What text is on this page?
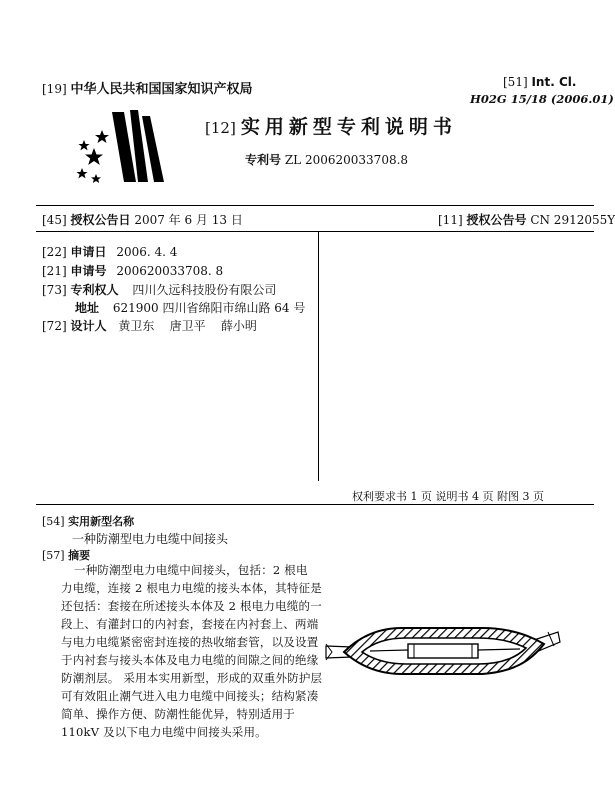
[19] 中华人民共和国国家知识产权局	[51] Int. Cl.
H02G 15/18 (2006.01)
[12] 实用新型专利说明书
专利号 ZL 200620033708.8
[45] 授权公告日 2007 年 6 月 13 日	[11] 授权公告号 CN 2912055Y
[22] 申请日 2006. 4. 4
[21] 申请号 200620033708. 8
[73] 专利权人 四川久远科技股份有限公司
地址 621900 四川省绵阳市绵山路 64 号
[72] 设计人 黄卫东    唐卫平    薛小明
权利要求书 1 页 说明书 4 页 附图 3 页
[54] 实用新型名称
一种防潮型电力电缆中间接头
[57] 摘要
一种防潮型电力电缆中间接头，包括：2 根电
力电缆，连接 2 根电力电缆的接头本体，其特征是
还包括：套接在所述接头本体及 2 根电力电缆的一
段上、有灌封口的内衬套，套接在内衬套上、两端
与电力电缆紧密密封连接的热收缩套管，以及设置
于内衬套与接头本体及电力电缆的间隙之间的绝缘
防潮剂层。 采用本实用新型，形成的双重外防护层
可有效阻止潮气进入电力电缆中间接头；结构紧凑
简单、操作方便、防潮性能优异，特别适用于
110kV 及以下电力电缆中间接头采用。
